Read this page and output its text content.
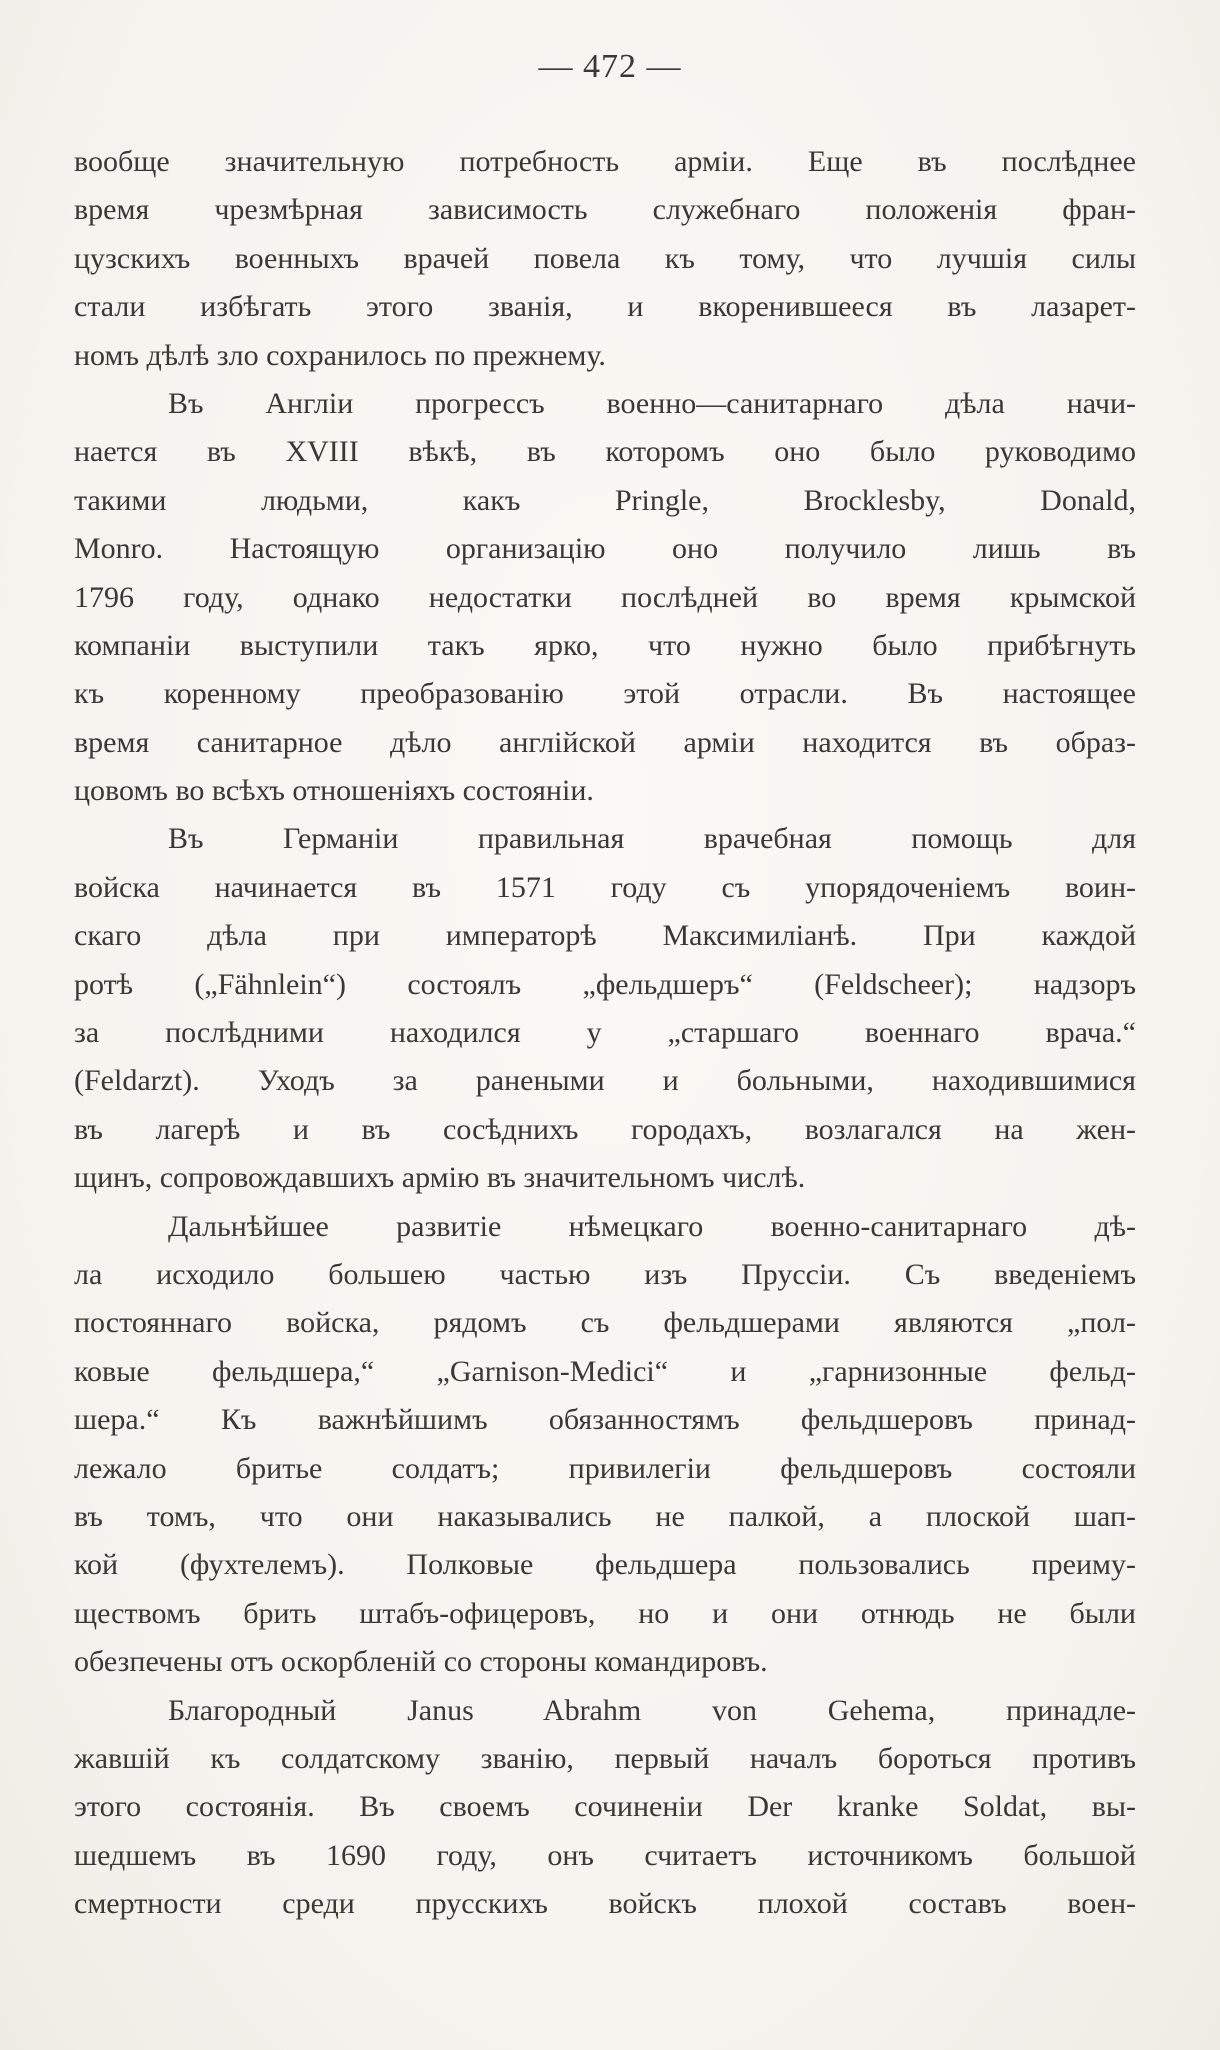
— 472 —
вообще значительную потребность арміи. Еще въ послѣднее
время чрезмѣрная зависимость служебнаго положенія фран-
цузскихъ военныхъ врачей повела къ тому, что лучшія силы
стали избѣгать этого званія, и вкоренившееся въ лазарет-
номъ дѣлѣ зло сохранилось по прежнему.
Въ Англіи прогрессъ военно—санитарнаго дѣла начи-
нается въ XVIII вѣкѣ, въ которомъ оно было руководимо
такими людьми, какъ Pringle, Brocklesby, Donald,
Monro. Настоящую организацію оно получило лишь въ
1796 году, однако недостатки послѣдней во время крымской
компаніи выступили такъ ярко, что нужно было прибѣгнуть
къ коренному преобразованію этой отрасли. Въ настоящее
время санитарное дѣло англійской арміи находится въ образ-
цовомъ во всѣхъ отношеніяхъ состояніи.
Въ Германіи правильная врачебная помощь для
войска начинается въ 1571 году съ упорядоченіемъ воин-
скаго дѣла при императорѣ Максимиліанѣ. При каждой
ротѣ („Fähnlein“) состоялъ „фельдшеръ“ (Feldscheer); надзоръ
за послѣдними находился у „старшаго военнаго врача.“
(Feldarzt). Уходъ за ранеными и больными, находившимися
въ лагерѣ и въ сосѣднихъ городахъ, возлагался на жен-
щинъ, сопровождавшихъ армію въ значительномъ числѣ.
Дальнѣйшее развитіе нѣмецкаго военно-санитарнаго дѣ-
ла исходило большею частью изъ Пруссіи. Съ введеніемъ
постояннаго войска, рядомъ съ фельдшерами являются „пол-
ковые фельдшера,“ „Garnison-Medici“ и „гарнизонные фельд-
шера.“ Къ важнѣйшимъ обязанностямъ фельдшеровъ принад-
лежало бритье солдатъ; привилегіи фельдшеровъ состояли
въ томъ, что они наказывались не палкой, а плоской шап-
кой (фухтелемъ). Полковые фельдшера пользовались преиму-
ществомъ брить штабъ-офицеровъ, но и они отнюдь не были
обезпечены отъ оскорбленій со стороны командировъ.
Благородный Janus Abrahm von Gehema, принадле-
жавшій къ солдатскому званію, первый началъ бороться противъ
этого состоянія. Въ своемъ сочиненіи Der kranke Soldat, вы-
шедшемъ въ 1690 году, онъ считаетъ источникомъ большой
смертности среди прусскихъ войскъ плохой составъ воен-
